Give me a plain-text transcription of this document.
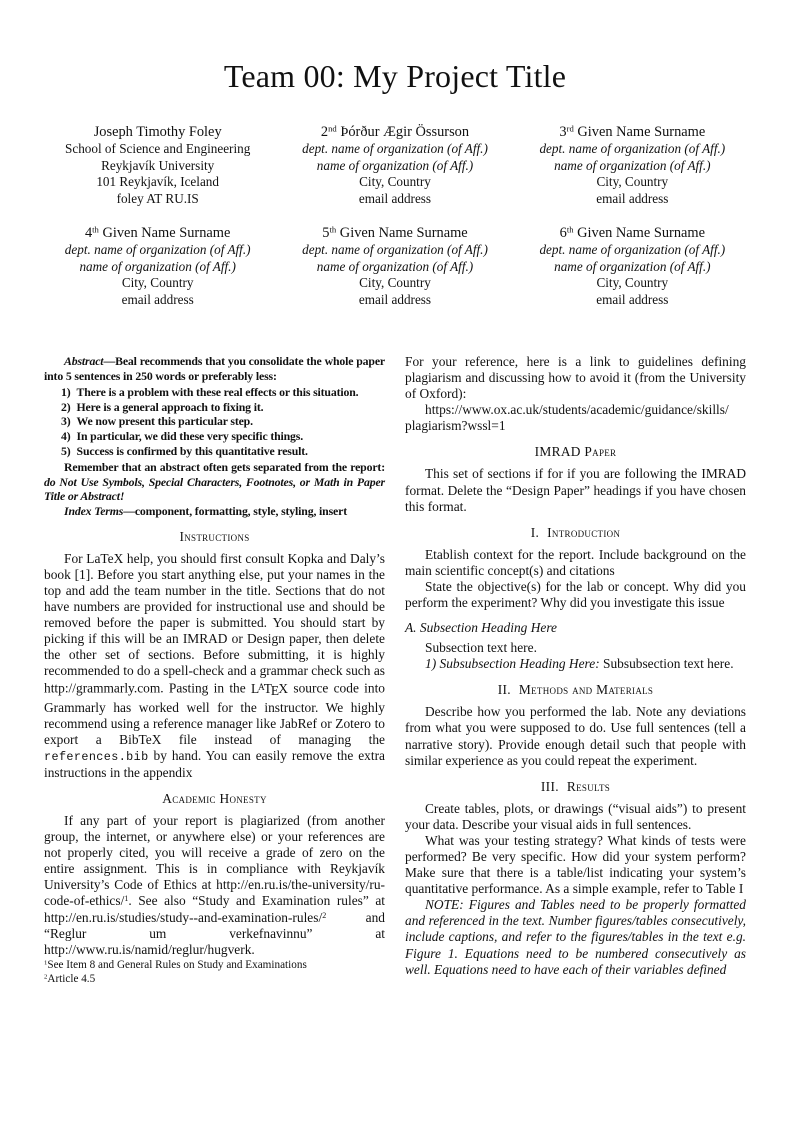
Team 00: My Project Title
Joseph Timothy Foley
School of Science and Engineering
Reykjavík University
101 Reykjavík, Iceland
foley AT RU.IS
2nd Þórður Ægir Össurson
dept. name of organization (of Aff.)
name of organization (of Aff.)
City, Country
email address
3rd Given Name Surname
dept. name of organization (of Aff.)
name of organization (of Aff.)
City, Country
email address
4th Given Name Surname
dept. name of organization (of Aff.)
name of organization (of Aff.)
City, Country
email address
5th Given Name Surname
dept. name of organization (of Aff.)
name of organization (of Aff.)
City, Country
email address
6th Given Name Surname
dept. name of organization (of Aff.)
name of organization (of Aff.)
City, Country
email address
Abstract—Beal recommends that you consolidate the whole paper into 5 sentences in 250 words or preferably less:
1) There is a problem with these real effects or this situation.
2) Here is a general approach to fixing it.
3) We now present this particular step.
4) In particular, we did these very specific things.
5) Success is confirmed by this quantitative result.
Remember that an abstract often gets separated from the report: do Not Use Symbols, Special Characters, Footnotes, or Math in Paper Title or Abstract!
Index Terms—component, formatting, style, styling, insert
Instructions

For LaTeX help, you should first consult Kopka and Daly’s book [1]. Before you start anything else, put your names in the top and add the team number in the title. Sections that do not have numbers are provided for instructional use and should be removed before the paper is submitted. You should start by picking if this will be an IMRAD or Design paper, then delete the other set of sections. Before submitting, it is highly recommended to do a spell-check and a grammar check such as http://grammarly.com. Pasting in the $L^ATEX$ source code into Grammarly has worked well for the instructor. We highly recommend using a reference manager like JabRef or Zotero to export a BibTeX file instead of managing the references.bib by hand. You can easily remove the extra instructions in the appendix

Academic Honesty

If any part of your report is plagiarized (from another group, the internet, or anywhere else) or your references are not properly cited, you will receive a grade of zero on the entire assignment. This is in compliance with Reykjavík University’s Code of Ethics at http://en.ru.is/the-university/ru-code-of-ethics/$^1$. See also “Study and Examination rules” at http://en.ru.is/studies/study--and-examination-rules/$^2$ and “Reglur um verkefnavinnu” at http://www.ru.is/namid/reglur/hugverk.

$^1$See Item 8 and General Rules on Study and Examinations
$^2$Article 4.5

For your reference, here is a link to guidelines defining plagiarism and discussing how to avoid it (from the University of Oxford):

https://www.ox.ac.uk/students/academic/guidance/skills/
plagiarism?wssl=1
IMRAD Paper

This set of sections if for if you are following the IMRAD format. Delete the “Design Paper” headings if you have chosen this format.

I. Introduction

Etablish context for the report. Include background on the main scientific concept(s) and citations

State the objective(s) for the lab or concept. Why did you perform the experiment? Why did you investigate this issue

A. Subsection Heading Here

Subsection text here.

1) Subsubsection Heading Here: Subsubsection text here.

II. Methods and Materials

Describe how you performed the lab. Note any deviations from what you were supposed to do. Use full sentences (tell a narrative story). Provide enough detail such that people with similar experience as you could repeat the experiment.

III. Results

Create tables, plots, or drawings (“visual aids”) to present your data. Describe your visual aids in full sentences.

What was your testing strategy? What kinds of tests were performed? Be very specific. How did your system perform? Make sure that there is a table/list indicating your system’s quantitative performance. As a simple example, refer to Table I

NOTE: Figures and Tables need to be properly formatted and referenced in the text. Number figures/tables consecutively, include captions, and refer to the figures/tables in the text e.g. Figure 1. Equations need to be numbered consecutively as well. Equations need to have each of their variables defined
